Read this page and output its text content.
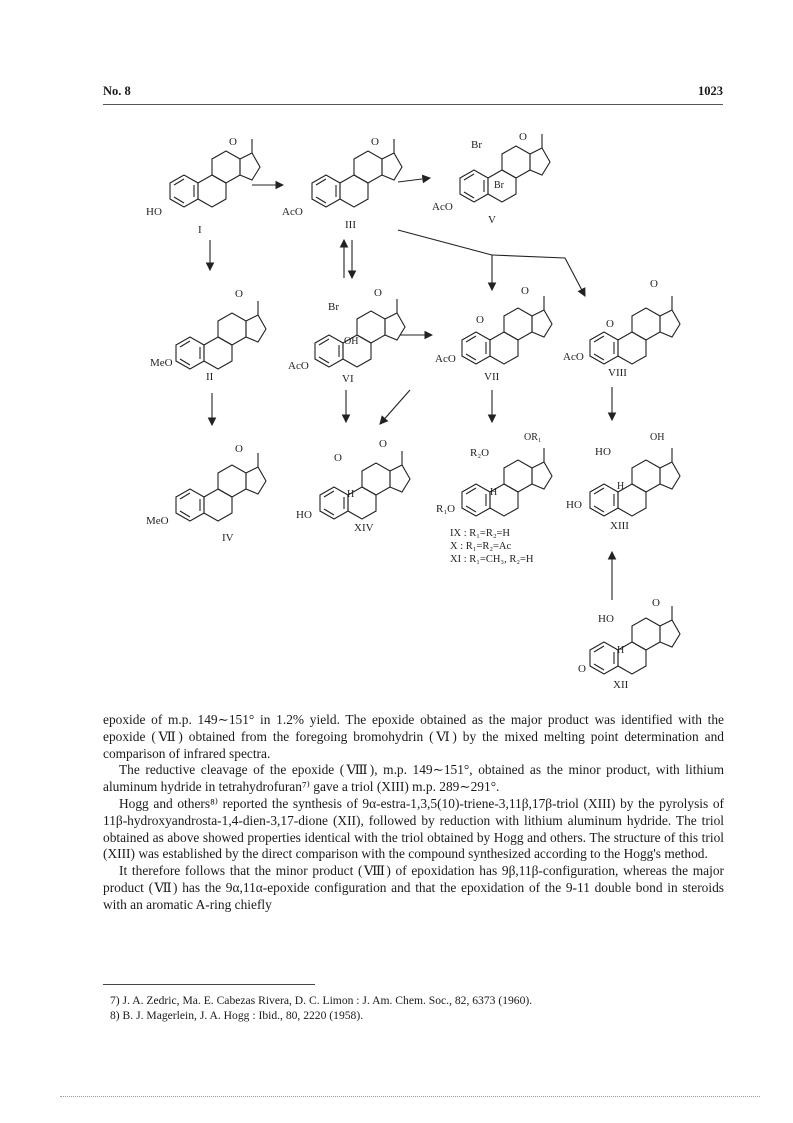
No. 8	1023
O
HO
I
O
AcO
III
O
Br
Br
AcO
V
O
MeO
II
O
Br
OH
AcO
VI
O
O
AcO
VII
O
O
AcO
VIII
O
MeO
IV
O
O
H
HO
XIV
OR₁
R₂O
H
R₁O
IX : R₁=R₂=H
X : R₁=R₂=Ac
XI : R₁=CH₃, R₂=H
OH
HO
H
HO
XIII
O
HO
H
O
XII

epoxide of m.p. 149∼151° in 1.2% yield. The epoxide obtained as the major product was identified with the epoxide (Ⅶ) obtained from the foregoing bromohydrin (Ⅵ) by the mixed melting point determination and comparison of infrared spectra.

The reductive cleavage of the epoxide (Ⅷ), m.p. 149∼151°, obtained as the minor product, with lithium aluminum hydride in tetrahydrofuran⁷⁾ gave a triol (XIII) m.p. 289∼291°.

Hogg and others⁸⁾ reported the synthesis of 9α-estra-1,3,5(10)-triene-3,11β,17β-triol (XIII) by the pyrolysis of 11β-hydroxyandrosta-1,4-dien-3,17-dione (XII), followed by reduction with lithium aluminum hydride. The triol obtained as above showed properties identical with the triol obtained by Hogg and others. The structure of this triol (XIII) was established by the direct comparison with the compound synthesized according to the Hogg's method.

It therefore follows that the minor product (Ⅷ) of epoxidation has 9β,11β-configuration, whereas the major product (Ⅶ) has the 9α,11α-epoxide configuration and that the epoxidation of the 9-11 double bond in steroids with an aromatic A-ring chiefly

7) J. A. Zedric, Ma. E. Cabezas Rivera, D. C. Limon : J. Am. Chem. Soc., 82, 6373 (1960).
8) B. J. Magerlein, J. A. Hogg : Ibid., 80, 2220 (1958).
